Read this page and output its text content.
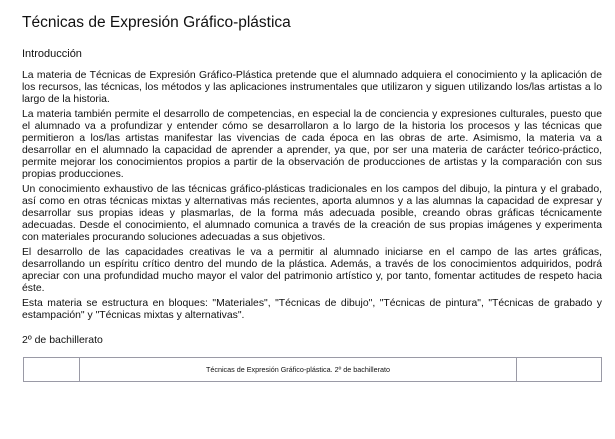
Técnicas de Expresión Gráfico-plástica
Introducción

La materia de Técnicas de Expresión Gráfico-Plástica pretende que el alumnado adquiera el conocimiento y la aplicación de los recursos, las técnicas, los métodos y las aplicaciones instrumentales que utilizaron y siguen utilizando los/las artistas a lo largo de la historia.

La materia también permite el desarrollo de competencias, en especial la de conciencia y expresiones culturales, puesto que el alumnado va a profundizar y entender cómo se desarrollaron a lo largo de la historia los procesos y las técnicas que permitieron a los/las artistas manifestar las vivencias de cada época en las obras de arte. Asimismo, la materia va a desarrollar en el alumnado la capacidad de aprender a aprender, ya que, por ser una materia de carácter teórico-práctico, permite mejorar los conocimientos propios a partir de la observación de producciones de artistas y la comparación con sus propias producciones.

Un conocimiento exhaustivo de las técnicas gráfico-plásticas tradicionales en los campos del dibujo, la pintura y el grabado, así como en otras técnicas mixtas y alternativas más recientes, aporta alumnos y a las alumnas la capacidad de expresar y desarrollar sus propias ideas y plasmarlas, de la forma más adecuada posible, creando obras gráficas técnicamente adecuadas. Desde el conocimiento, el alumnado comunica a través de la creación de sus propias imágenes y experimenta con materiales procurando soluciones adecuadas a sus objetivos.

El desarrollo de las capacidades creativas le va a permitir al alumnado iniciarse en el campo de las artes gráficas, desarrollando un espíritu crítico dentro del mundo de la plástica. Además, a través de los conocimientos adquiridos, podrá apreciar con una profundidad mucho mayor el valor del patrimonio artístico y, por tanto, fomentar actitudes de respeto hacia éste.

Esta materia se estructura en bloques: "Materiales", "Técnicas de dibujo", "Técnicas de pintura", "Técnicas de grabado y estampación" y "Técnicas mixtas y alternativas".

2º de bachillerato
Técnicas de Expresión Gráfico-plástica. 2º de bachillerato
